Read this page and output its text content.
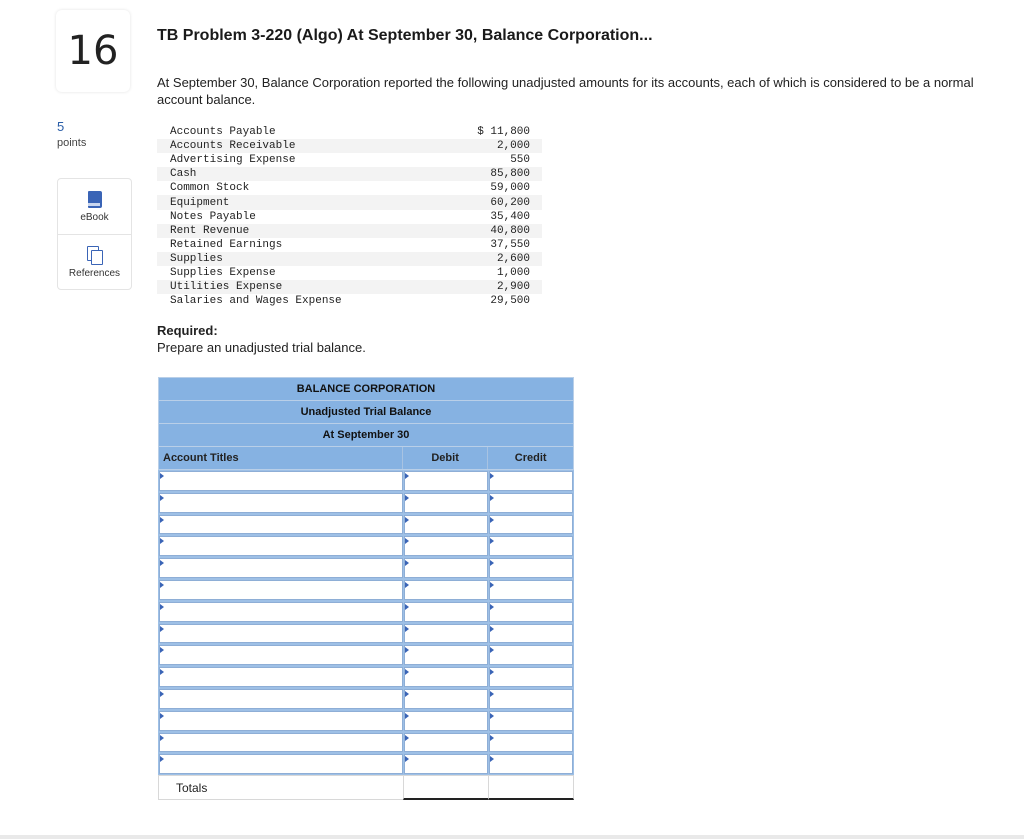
16
5
points
eBook
References
TB Problem 3-220 (Algo) At September 30, Balance Corporation...
At September 30, Balance Corporation reported the following unadjusted amounts for its accounts, each of which is considered to be a normal account balance.
Accounts Payable	$ 11,800
Accounts Receivable	2,000
Advertising Expense	550
Cash	85,800
Common Stock	59,000
Equipment	60,200
Notes Payable	35,400
Rent Revenue	40,800
Retained Earnings	37,550
Supplies	2,600
Supplies Expense	1,000
Utilities Expense	2,900
Salaries and Wages Expense	29,500
Required:
Prepare an unadjusted trial balance.
BALANCE CORPORATION
Unadjusted Trial Balance
At September 30
Account Titles	Debit	Credit
Totals
